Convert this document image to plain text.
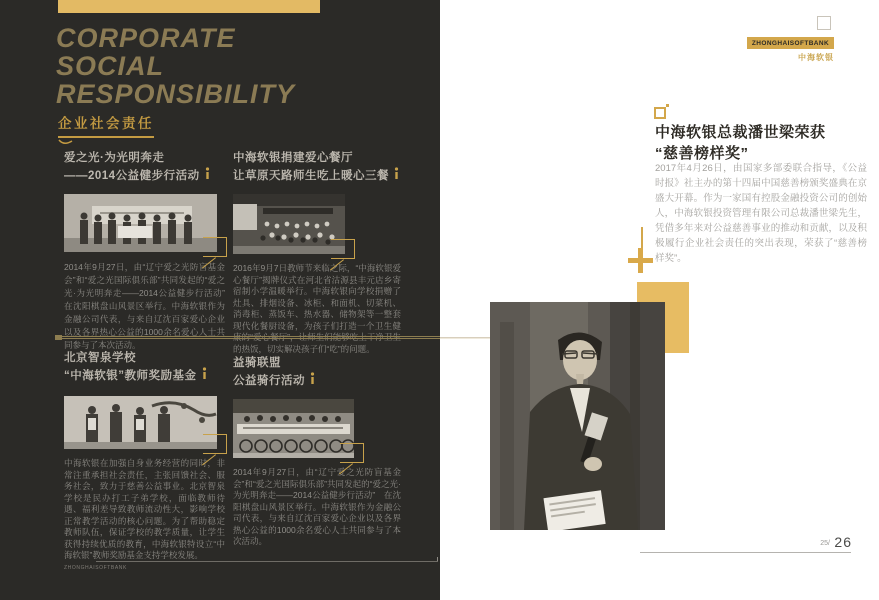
CORPORATE
SOCIAL
RESPONSIBILITY
企业社会责任
爱之光·为光明奔走
——2014公益健步行活动

2014年9月27日，由“辽宁爱之光防盲基金会”和“爱之光国际俱乐部”共同发起的“爱之光·为光明奔走——2014公益健步行活动”　在沈阳棋盘山风景区举行。中海软银作为金融公司代表，与来自辽沈百家爱心企业以及各界热心公益的1000余名爱心人士共同参与了本次活动。

中海软银捐建爱心餐厅
让草原天路师生吃上暖心三餐

2016年9月7日教师节来临之际，“中海软银爱心餐厅”揭牌仪式在河北省沽源县丰元店乡寄宿制小学温暖举行。中海软银向学校捐赠了灶具、排烟设备、冰柜、和面机、切菜机、消毒柜、蒸饭车、热水器、储物架等一整套现代化餐厨设备，为孩子们打造一个卫生健康的“爱心餐厅”，让师生们能够吃上干净卫生的热饭，切实解决孩子们“吃”的问题。

北京智泉学校
“中海软银”教师奖励基金

中海软银在加强自身业务经营的同时，非常注重承担社会责任，主张回馈社会、服务社会，致力于慈善公益事业。北京智泉学校是民办打工子弟学校，面临教师待遇、福利差导致教师流动性大，影响学校正常教学活动的核心问题。为了帮助稳定教师队伍，保证学校的教学质量，让学生获得持续优质的教育，中海软银特设立“中海软银”教师奖励基金支持学校发展。

益骑联盟
公益骑行活动

2014年9月27日，由“辽宁爱之光防盲基金会”和“爱之光国际俱乐部”共同发起的“爱之光·为光明奔走——2014公益健步行活动”　在沈阳棋盘山风景区举行。中海软银作为金融公司代表，与来自辽沈百家爱心企业以及各界热心公益的1000余名爱心人士共同参与了本次活动。

ZHONGHAISOFTBANK
ZHONGHAISOFTBANK
中海软银
中海软银总裁潘世梁荣获
“慈善榜样奖”

2017年4月26日，由国家多部委联合指导，《公益时报》社主办的第十四届中国慈善榜颁奖盛典在京盛大开幕。作为一家国有控股金融投资公司的创始人，中海软银投资管理有限公司总裁潘世梁先生，凭借多年来对公益慈善事业的推动和贡献，以及积极履行企业社会责任的突出表现，荣获了“慈善榜样奖”。

25/ 26
